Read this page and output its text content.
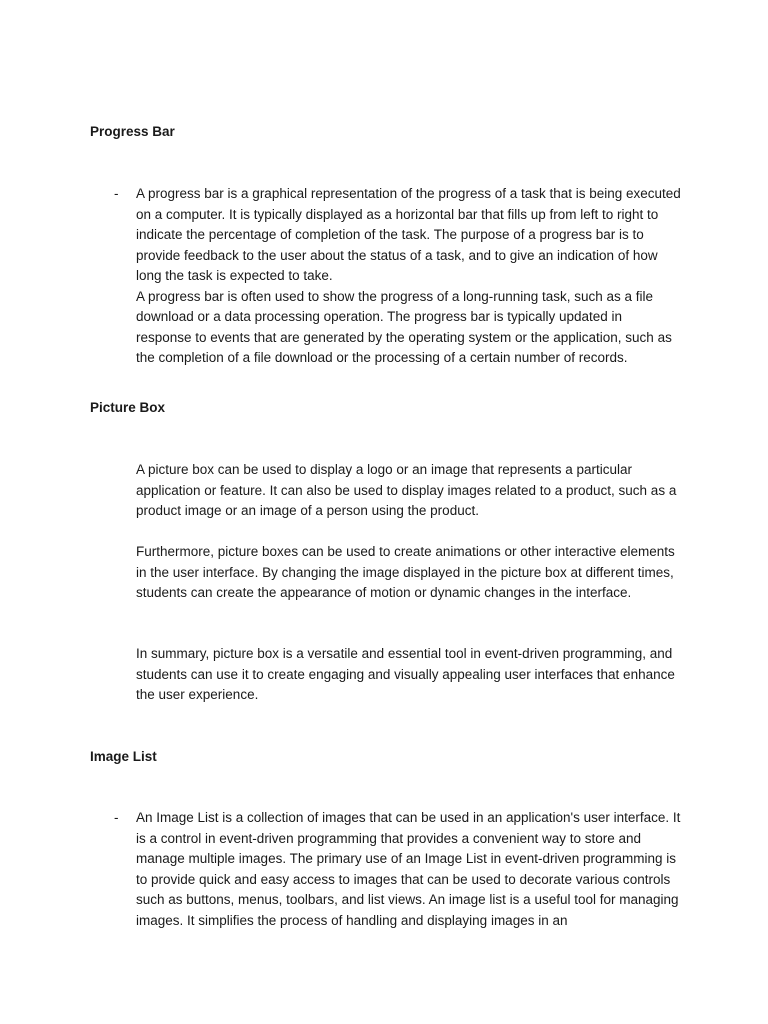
Progress Bar
- A progress bar is a graphical representation of the progress of a task that is being executed on a computer. It is typically displayed as a horizontal bar that fills up from left to right to indicate the percentage of completion of the task. The purpose of a progress bar is to provide feedback to the user about the status of a task, and to give an indication of how long the task is expected to take.

A progress bar is often used to show the progress of a long-running task, such as a file download or a data processing operation. The progress bar is typically updated in response to events that are generated by the operating system or the application, such as the completion of a file download or the processing of a certain number of records.

Picture Box

A picture box can be used to display a logo or an image that represents a particular application or feature. It can also be used to display images related to a product, such as a product image or an image of a person using the product.

Furthermore, picture boxes can be used to create animations or other interactive elements in the user interface. By changing the image displayed in the picture box at different times, students can create the appearance of motion or dynamic changes in the interface.

In summary, picture box is a versatile and essential tool in event-driven programming, and students can use it to create engaging and visually appealing user interfaces that enhance the user experience.

Image List
- An Image List is a collection of images that can be used in an application's user interface. It is a control in event-driven programming that provides a convenient way to store and manage multiple images. The primary use of an Image List in event-driven programming is to provide quick and easy access to images that can be used to decorate various controls such as buttons, menus, toolbars, and list views. An image list is a useful tool for managing images. It simplifies the process of handling and displaying images in an
